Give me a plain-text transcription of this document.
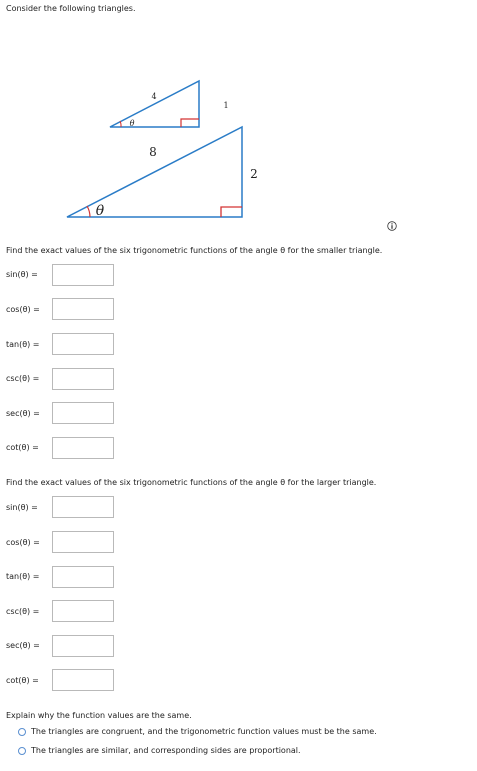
Consider the following triangles.
4
1
θ
8
2
θ
Find the exact values of the six trigonometric functions of the angle θ for the smaller triangle.
sin(θ) =
cos(θ) =
tan(θ) =
csc(θ) =
sec(θ) =
cot(θ) =
Find the exact values of the six trigonometric functions of the angle θ for the larger triangle.
sin(θ) =
cos(θ) =
tan(θ) =
csc(θ) =
sec(θ) =
cot(θ) =
Explain why the function values are the same.
The triangles are congruent, and the trigonometric function values must be the same.
The triangles are similar, and corresponding sides are proportional.
